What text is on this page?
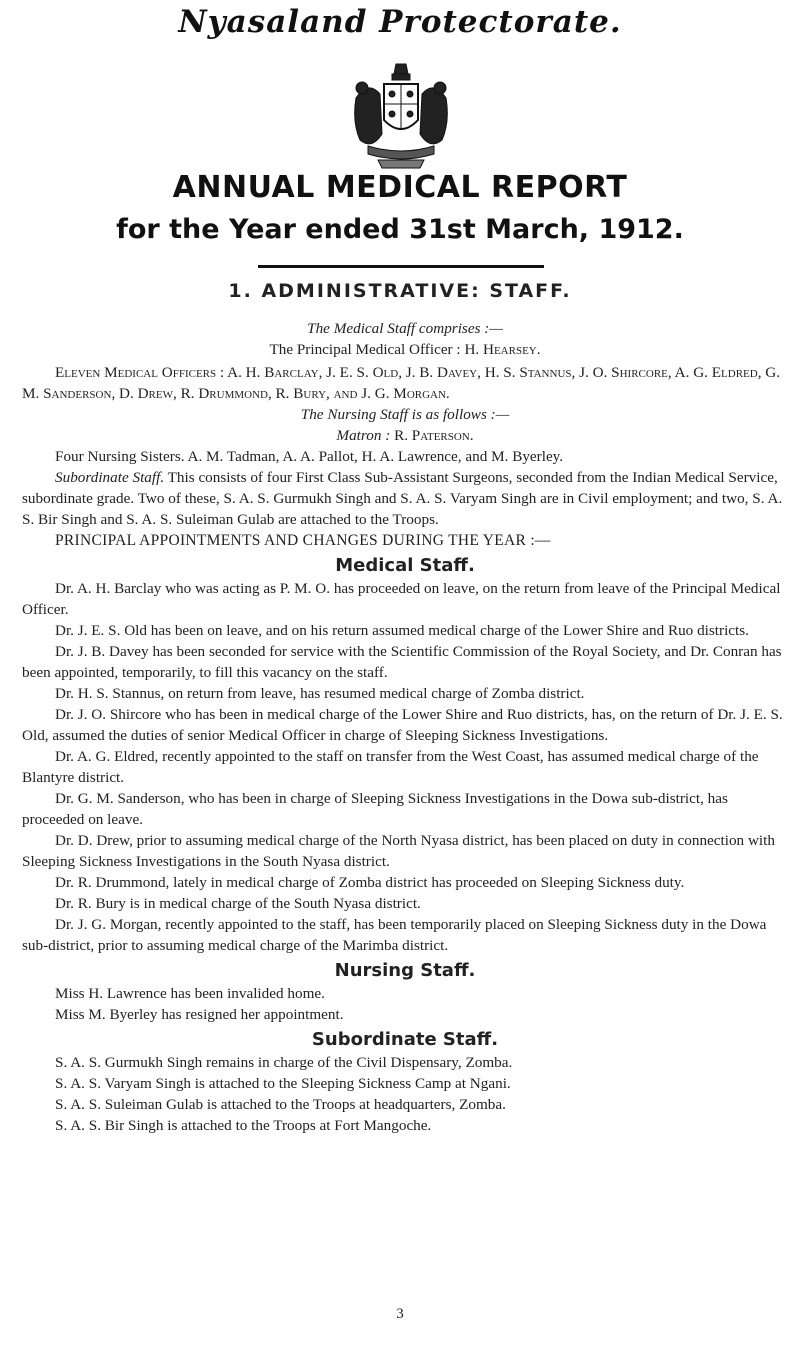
Nyasaland Protectorate.
ANNUAL MEDICAL REPORT
for the Year ended 31st March, 1912.
1. ADMINISTRATIVE: STAFF.

The Medical Staff comprises :—

The Principal Medical Officer : H. Hearsey.

Eleven Medical Officers : A. H. Barclay, J. E. S. Old, J. B. Davey, H. S. Stannus, J. O. Shircore, A. G. Eldred, G. M. Sanderson, D. Drew, R. Drummond, R. Bury, and J. G. Morgan.

The Nursing Staff is as follows :—

Matron : R. Paterson.

Four Nursing Sisters. A. M. Tadman, A. A. Pallot, H. A. Lawrence, and M. Byerley.

Subordinate Staff. This consists of four First Class Sub-Assistant Surgeons, seconded from the Indian Medical Service, subordinate grade. Two of these, S. A. S. Gurmukh Singh and S. A. S. Varyam Singh are in Civil employment; and two, S. A. S. Bir Singh and S. A. S. Suleiman Gulab are attached to the Troops.

PRINCIPAL APPOINTMENTS AND CHANGES DURING THE YEAR :—

Medical Staff.

Dr. A. H. Barclay who was acting as P. M. O. has proceeded on leave, on the return from leave of the Principal Medical Officer.

Dr. J. E. S. Old has been on leave, and on his return assumed medical charge of the Lower Shire and Ruo districts.

Dr. J. B. Davey has been seconded for service with the Scientific Commission of the Royal Society, and Dr. Conran has been appointed, temporarily, to fill this vacancy on the staff.

Dr. H. S. Stannus, on return from leave, has resumed medical charge of Zomba district.

Dr. J. O. Shircore who has been in medical charge of the Lower Shire and Ruo districts, has, on the return of Dr. J. E. S. Old, assumed the duties of senior Medical Officer in charge of Sleeping Sickness Investigations.

Dr. A. G. Eldred, recently appointed to the staff on transfer from the West Coast, has assumed medical charge of the Blantyre district.

Dr. G. M. Sanderson, who has been in charge of Sleeping Sickness Investigations in the Dowa sub-district, has proceeded on leave.

Dr. D. Drew, prior to assuming medical charge of the North Nyasa district, has been placed on duty in connection with Sleeping Sickness Investigations in the South Nyasa district.

Dr. R. Drummond, lately in medical charge of Zomba district has proceeded on Sleeping Sickness duty.

Dr. R. Bury is in medical charge of the South Nyasa district.

Dr. J. G. Morgan, recently appointed to the staff, has been temporarily placed on Sleeping Sickness duty in the Dowa sub-district, prior to assuming medical charge of the Marimba district.

Nursing Staff.

Miss H. Lawrence has been invalided home.

Miss M. Byerley has resigned her appointment.

Subordinate Staff.

S. A. S. Gurmukh Singh remains in charge of the Civil Dispensary, Zomba.

S. A. S. Varyam Singh is attached to the Sleeping Sickness Camp at Ngani.

S. A. S. Suleiman Gulab is attached to the Troops at headquarters, Zomba.

S. A. S. Bir Singh is attached to the Troops at Fort Mangoche.

3
